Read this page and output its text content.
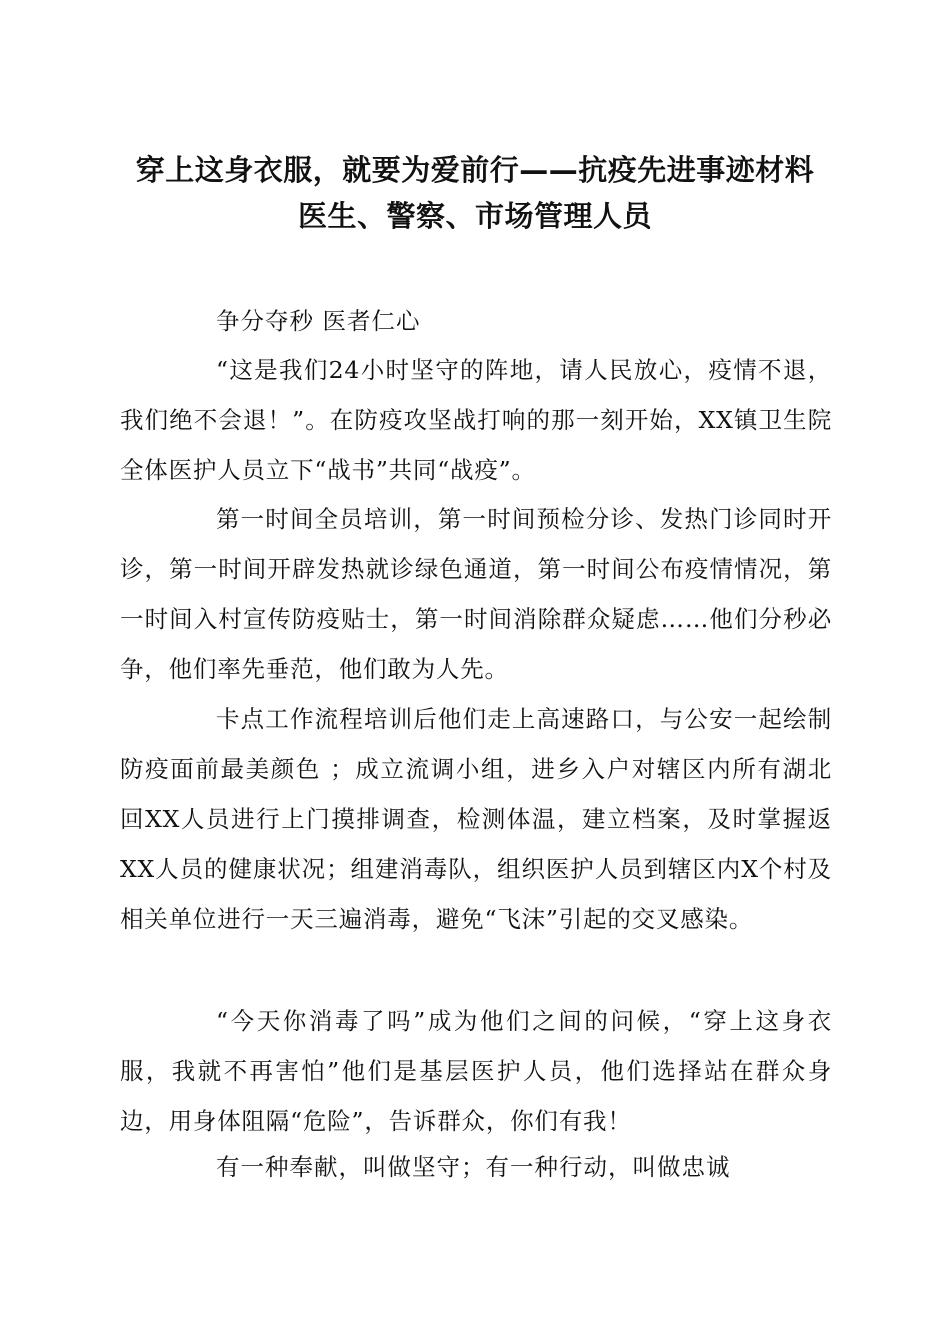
穿上这身衣服，就要为爱前行——抗疫先进事迹材料
医生、警察、市场管理人员
争分夺秒 医者仁心

“这是我们24小时坚守的阵地，请人民放心，疫情不退，我们绝不会退！”。在防疫攻坚战打响的那一刻开始，XX镇卫生院全体医护人员立下“战书”共同“战疫”。

第一时间全员培训，第一时间预检分诊、发热门诊同时开诊，第一时间开辟发热就诊绿色通道，第一时间公布疫情情况，第一时间入村宣传防疫贴士，第一时间消除群众疑虑……他们分秒必争，他们率先垂范，他们敢为人先。

卡点工作流程培训后他们走上高速路口，与公安一起绘制防疫面前最美颜色 ；成立流调小组，进乡入户对辖区内所有湖北回XX人员进行上门摸排调查，检测体温，建立档案，及时掌握返XX人员的健康状况；组建消毒队，组织医护人员到辖区内X个村及相关单位进行一天三遍消毒，避免“飞沫”引起的交叉感染。

“今天你消毒了吗”成为他们之间的问候，“穿上这身衣服，我就不再害怕”他们是基层医护人员，他们选择站在群众身边，用身体阻隔“危险”，告诉群众，你们有我！

有一种奉献，叫做坚守；有一种行动，叫做忠诚
